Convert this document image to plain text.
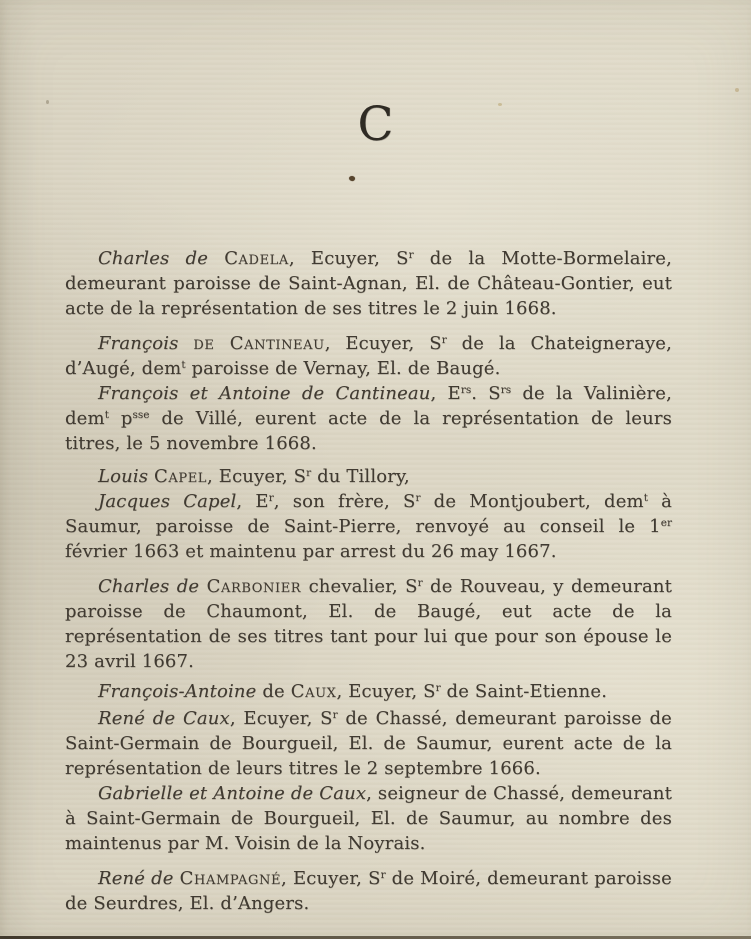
C

Charles de Cadela, Ecuyer, $S^r$ de la Motte-Bormelaire, demeurant paroisse de Saint-Agnan, El. de Château-Gontier, eut acte de la représentation de ses titres le 2 juin 1668.

François de Cantineau, Ecuyer, $S^r$ de la Chateigneraye, d’Augé, dem$^t$ paroisse de Vernay, El. de Baugé.

François et Antoine de Cantineau, $E^{rs}$. $S^{rs}$ de la Valinière, dem$^t$ $p^{sse}$ de Villé, eurent acte de la représentation de leurs titres, le 5 novembre 1668.

Louis Capel, Ecuyer, $S^r$ du Tillory,

Jacques Capel, $E^r$, son frère, $S^r$ de Montjoubert, dem$^t$ à Saumur, paroisse de Saint-Pierre, renvoyé au conseil le 1er février 1663 et maintenu par arrest du 26 may 1667.

Charles de Carbonier chevalier, $S^r$ de Rouveau, y demeurant paroisse de Chaumont, El. de Baugé, eut acte de la représentation de ses titres tant pour lui que pour son épouse le 23 avril 1667.

François-Antoine de Caux, Ecuyer, $S^r$ de Saint-Etienne.

René de Caux, Ecuyer, $S^r$ de Chassé, demeurant paroisse de Saint-Germain de Bourgueil, El. de Saumur, eurent acte de la représentation de leurs titres le 2 septembre 1666.

Gabrielle et Antoine de Caux, seigneur de Chassé, demeurant à Saint-Germain de Bourgueil, El. de Saumur, au nombre des maintenus par M. Voisin de la Noyrais.

René de Champagné, Ecuyer, $S^r$ de Moiré, demeurant paroisse de Seurdres, El. d’Angers.
